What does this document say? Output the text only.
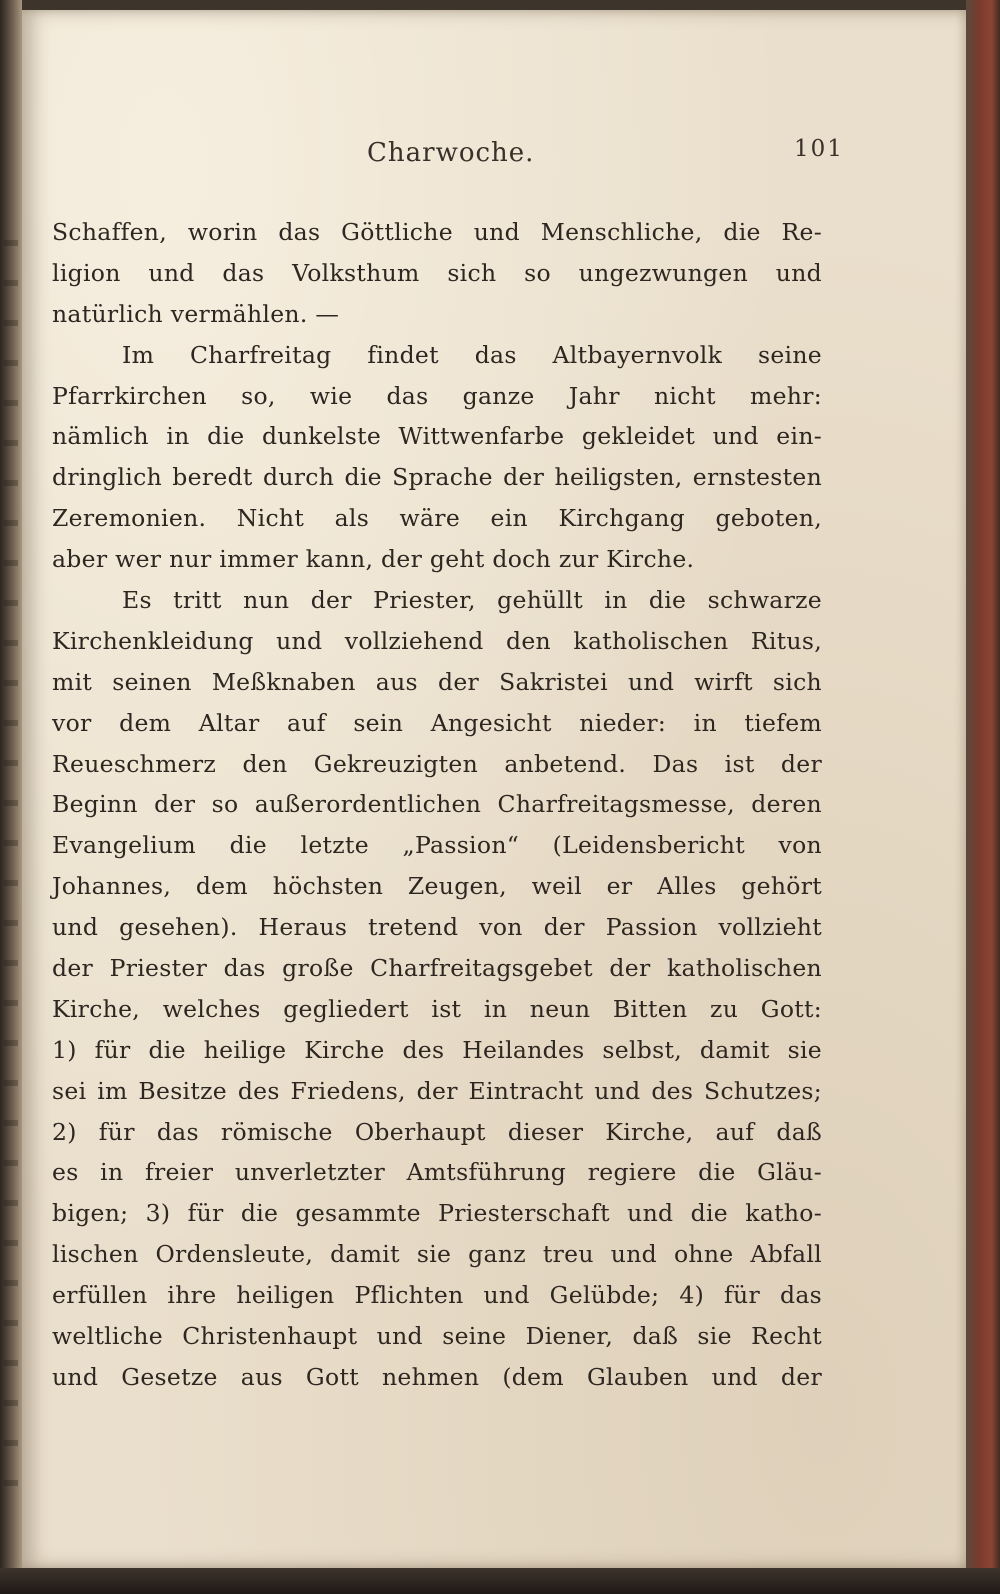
Charwoche.	101
Schaffen, worin das Göttliche und Menschliche, die Re-
ligion und das Volksthum sich so ungezwungen und
natürlich vermählen. —
Im Charfreitag findet das Altbayernvolk seine
Pfarrkirchen so, wie das ganze Jahr nicht mehr:
nämlich in die dunkelste Wittwenfarbe gekleidet und ein-
dringlich beredt durch die Sprache der heiligsten, ernstesten
Zeremonien. Nicht als wäre ein Kirchgang geboten,
aber wer nur immer kann, der geht doch zur Kirche.
Es tritt nun der Priester, gehüllt in die schwarze
Kirchenkleidung und vollziehend den katholischen Ritus,
mit seinen Meßknaben aus der Sakristei und wirft sich
vor dem Altar auf sein Angesicht nieder: in tiefem
Reueschmerz den Gekreuzigten anbetend. Das ist der
Beginn der so außerordentlichen Charfreitagsmesse, deren
Evangelium die letzte „Passion“ (Leidensbericht von
Johannes, dem höchsten Zeugen, weil er Alles gehört
und gesehen). Heraus tretend von der Passion vollzieht
der Priester das große Charfreitagsgebet der katholischen
Kirche, welches gegliedert ist in neun Bitten zu Gott:
1) für die heilige Kirche des Heilandes selbst, damit sie
sei im Besitze des Friedens, der Eintracht und des Schutzes;
2) für das römische Oberhaupt dieser Kirche, auf daß
es in freier unverletzter Amtsführung regiere die Gläu-
bigen; 3) für die gesammte Priesterschaft und die katho-
lischen Ordensleute, damit sie ganz treu und ohne Abfall
erfüllen ihre heiligen Pflichten und Gelübde; 4) für das
weltliche Christenhaupt und seine Diener, daß sie Recht
und Gesetze aus Gott nehmen (dem Glauben und der
